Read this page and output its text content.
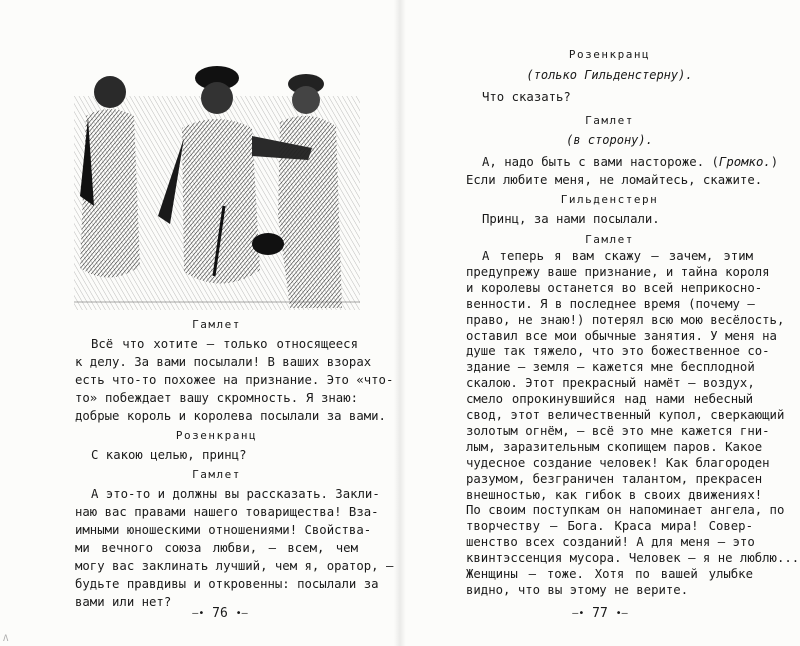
Гамлет
Всё что хотите — только относящееся
к делу. За вами посылали! В ваших взорах
есть что-то похожее на признание. Это «что-
то» побеждает вашу скромность. Я знаю:
добрые король и королева посылали за вами.
Розенкранц
С какою целью, принц?
Гамлет
А это-то и должны вы рассказать. Закли-
наю вас правами нашего товарищества! Вза-
имными юношескими отношениями! Свойства-
ми вечного союза любви, — всем, чем
могу вас заклинать лучший, чем я, оратор, —
будьте правдивы и откровенны: посылали за
вами или нет?
—• 76 •—
Розенкранц
(только Гильденстерну).
Что сказать?
Гамлет
(в сторону).
А, надо быть с вами настороже. (Громко.)
Если любите меня, не ломайтесь, скажите.
Гильденстерн
Принц, за нами посылали.
Гамлет
А теперь я вам скажу — зачем, этим
предупрежу ваше признание, и тайна короля
и королевы останется во всей неприкосно-
венности. Я в последнее время (почему —
право, не знаю!) потерял всю мою весёлость,
оставил все мои обычные занятия. У меня на
душе так тяжело, что это божественное со-
здание — земля — кажется мне бесплодной
скалою. Этот прекрасный намёт — воздух,
смело опрокинувшийся над нами небесный
свод, этот величественный купол, сверкающий
золотым огнём, — всё это мне кажется гни-
лым, заразительным скопищем паров. Какое
чудесное создание человек! Как благороден
разумом, безграничен талантом, прекрасен
внешностью, как гибок в своих движениях!
По своим поступкам он напоминает ангела, по
творчеству — Бога. Краса мира! Совер-
шенство всех созданий! А для меня — это
квинтэссенция мусора. Человек — я не люблю...
Женщины — тоже. Хотя по вашей улыбке
видно, что вы этому не верите.
—• 77 •—
Λ
